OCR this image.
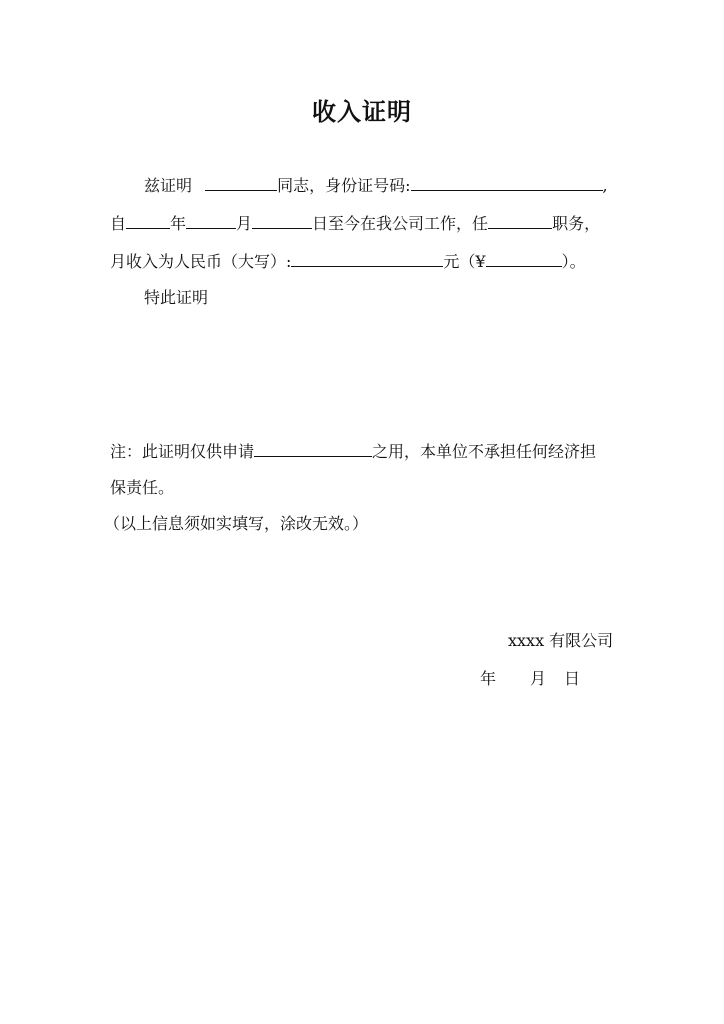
收入证明
兹证明	同志，身份证号码:	,
自	年	月	日至今在我公司工作，任	职务，
月收入为人民币（大写）:	元（¥	）。
特此证明
注：此证明仅供申请	之用，本单位不承担任何经济担
保责任。
（以上信息须如实填写，涂改无效。）
xxxx 有限公司
年 月 日
